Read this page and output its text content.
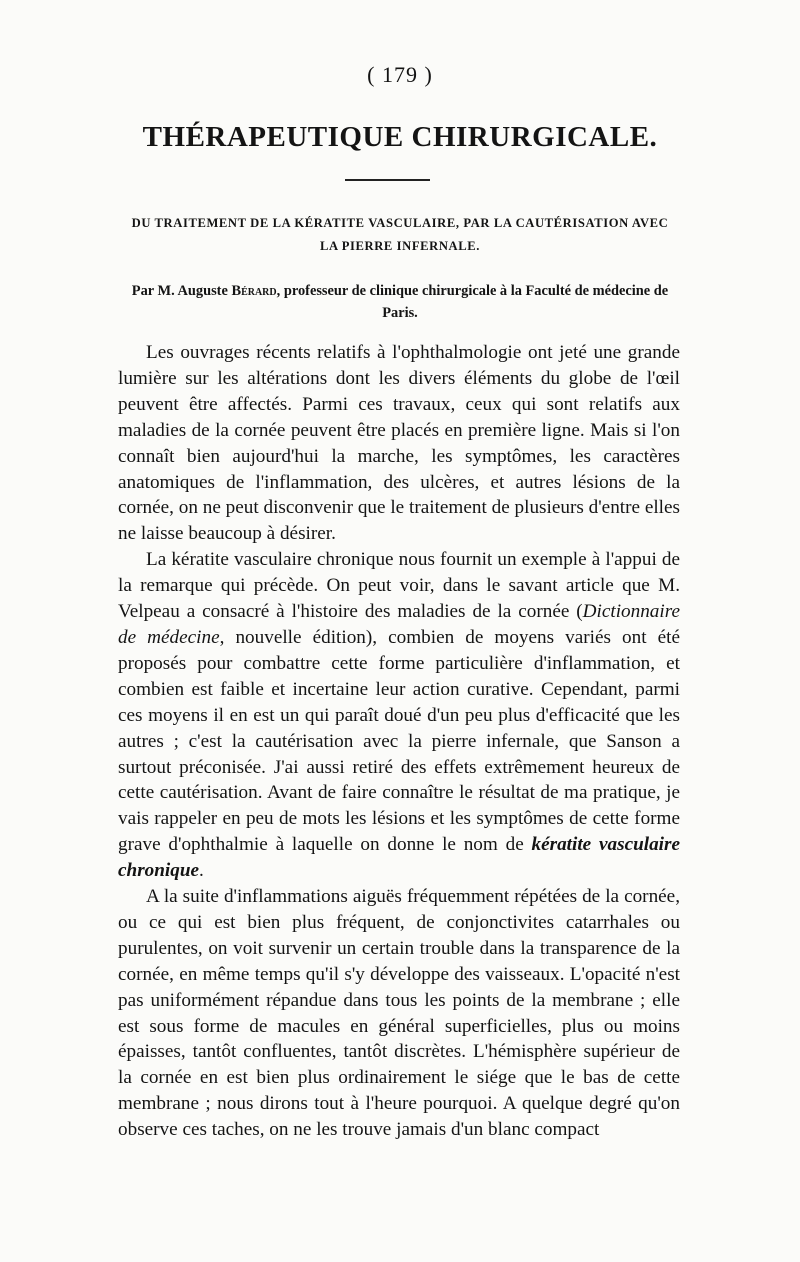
( 179 )
THÉRAPEUTIQUE CHIRURGICALE.
DU TRAITEMENT DE LA KÉRATITE VASCULAIRE, PAR LA CAUTÉRISATION AVEC LA PIERRE INFERNALE.
Par M. Auguste Bérard, professeur de clinique chirurgicale à la Faculté de médecine de Paris.

Les ouvrages récents relatifs à l'ophthalmologie ont jeté une grande lumière sur les altérations dont les divers éléments du globe de l'œil peuvent être affectés. Parmi ces travaux, ceux qui sont relatifs aux maladies de la cornée peuvent être placés en première ligne. Mais si l'on connaît bien aujourd'hui la marche, les symptômes, les caractères anatomiques de l'inflammation, des ulcères, et autres lésions de la cornée, on ne peut disconvenir que le traitement de plusieurs d'entre elles ne laisse beaucoup à désirer.

La kératite vasculaire chronique nous fournit un exemple à l'appui de la remarque qui précède. On peut voir, dans le savant article que M. Velpeau a consacré à l'histoire des maladies de la cornée (Dictionnaire de médecine, nouvelle édition), combien de moyens variés ont été proposés pour combattre cette forme particulière d'inflammation, et combien est faible et incertaine leur action curative. Cependant, parmi ces moyens il en est un qui paraît doué d'un peu plus d'efficacité que les autres ; c'est la cautérisation avec la pierre infernale, que Sanson a surtout préconisée. J'ai aussi retiré des effets extrêmement heureux de cette cautérisation. Avant de faire connaître le résultat de ma pratique, je vais rappeler en peu de mots les lésions et les symptômes de cette forme grave d'ophthalmie à laquelle on donne le nom de kératite vasculaire chronique.

A la suite d'inflammations aiguës fréquemment répétées de la cornée, ou ce qui est bien plus fréquent, de conjonctivites catarrhales ou purulentes, on voit survenir un certain trouble dans la transparence de la cornée, en même temps qu'il s'y développe des vaisseaux. L'opacité n'est pas uniformément répandue dans tous les points de la membrane ; elle est sous forme de macules en général superficielles, plus ou moins épaisses, tantôt confluentes, tantôt discrètes. L'hémisphère supérieur de la cornée en est bien plus ordinairement le siége que le bas de cette membrane ; nous dirons tout à l'heure pourquoi. A quelque degré qu'on observe ces taches, on ne les trouve jamais d'un blanc compact
